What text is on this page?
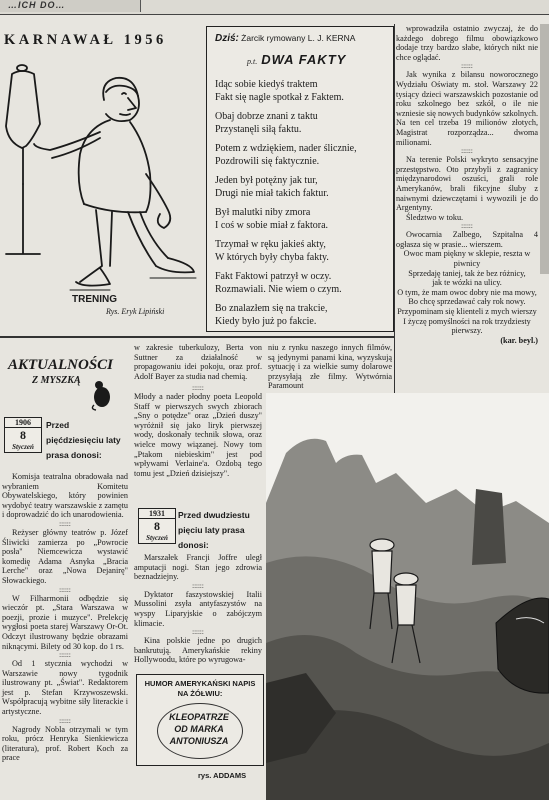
…ICH DO…
KARNAWAŁ 1956
TRENING
Rys. Eryk Lipiński
Dziś: Żarcik rymowany L. J. KERNA
p.t. DWA FAKTY

Idąc sobie kiedyś traktem
Fakt się nagle spotkał z Faktem.

Obaj dobrze znani z taktu
Przystanęli siłą faktu.

Potem z wdziękiem, nader ślicznie,
Pozdrowili się faktycznie.

Jeden był potężny jak tur,
Drugi nie miał takich faktur.

Był malutki niby zmora
I coś w sobie miał z faktora.

Trzymał w ręku jakieś akty,
W których były chyba fakty.

Fakt Faktowi patrzył w oczy.
Rozmawiali. Nie wiem o czym.

Bo znalazłem się na trakcie,
Kiedy było już po fakcie.

wprowadziła ostatnio zwyczaj, że do każdego dobrego filmu obowiązkowo dodaje trzy bardzo słabe, których nikt nie chce oglądać.

::::::

Jak wynika z bilansu noworocznego Wydziału Oświaty m. stoł. Warszawy 22 tysiący dzieci warszawskich pozostanie od roku szkolnego bez szkół, o ile nie wzniesie się nowych budynków szkolnych. Na ten cel trzeba 19 milionów złotych, Magistrat rozporządza... dwoma milionami.

::::::

Na terenie Polski wykryto sensacyjne przestępstwo. Oto przybyli z zagranicy międzynarodowi oszuści, grali role Amerykanów, brali fikcyjne śluby z naiwnymi dziewczętami i wywozili je do Argentyny.

Śledztwo w toku.

::::::

Owocarnia Zalbego, Szpitalna 4 ogłasza się w prasie... wierszem.

Owoc mam piękny w sklepie, reszta w piwnicy

Sprzedaję taniej, tak że bez różnicy,

jak te wózki na ulicy.

O tym, że mam owoc dobry nie ma mowy,

Bo chcę sprzedawać cały rok nowy.

Przypominam się klienteli z mych wierszy

I życzę pomyślności na rok trzydziesty pierwszy.

(kar. beyl.)

AKTUALNOŚCI
Z MYSZKĄ
1906
8
Styczeń
Przed pięćdziesięciu laty prasa donosi:

Komisja teatralna obradowała nad wybraniem Komitetu Obywatelskiego, który powinien wydobyć teatry warszawskie z zamętu i doprowadzić do ich unarodowienia.

::::::

Reżyser główny teatrów p. Józef Śliwicki zamierza po „Powrocie posła" Niemcewicza wystawić komedię Adama Asnyka „Bracia Lerche" oraz „Nowa Dejanirę" Słowackiego.

::::::

W Filharmonii odbędzie się wieczór pt. „Stara Warszawa w poezji, prozie i muzyce". Prelekcję wygłosi poeta starej Warszawy Or-Ot. Odczyt ilustrowany będzie obrazami niknącymi. Bilety od 30 kop. do 1 rs.

::::::

Od 1 stycznia wychodzi w Warszawie nowy tygodnik ilustrowany pt. „Świat". Redaktorem jest p. Stefan Krzywoszewski. Współpracują wybitne siły literackie i artystyczne.

::::::

Nagrody Nobla otrzymali w tym roku, prócz Henryka Sienkiewicza (literatura), prof. Robert Koch za prace

w zakresie tuberkulozy, Berta von Suttner za działalność w propagowaniu idei pokoju, oraz prof. Adolf Bayer za studia nad chemią.
::::::
Młody a nader płodny poeta Leopold Staff w pierwszych swych zbiorach „Sny o potędze" oraz „Dzień duszy" wyróżnił się jako liryk pierwszej wody, doskonały technik słowa, oraz wielce mowy wiązanej. Nowy tom „Ptakom niebieskim" jest pod wpływami Verlaine'a. Ozdobą tego tomu jest „Dzień dzisiejszy".
niu z rynku naszego innych filmów, są jedynymi panami kina, wyzyskują sytuację i za wielkie sumy dolarowe przysyłają złe filmy. Wytwórnia Paramount
1931
8
Styczeń
Przed dwudziestu pięciu laty prasa donosi:

Marszałek Francji Joffre uległ amputacji nogi. Stan jego zdrowia beznadziejny.

::::::

Dyktator faszystowskiej Italii Mussolini zsyła antyfaszystów na wyspy Liparyjskie o zabójczym klimacie.

::::::

Kina polskie jedne po drugich bankrutują. Amerykańskie rekiny Hollywoodu, które po wyrugowa-

HUMOR AMERYKAŃSKI NAPIS NA ŻÓŁWIU:
KLEOPATRZE
OD MARKA
ANTONIUSZA
rys. ADDAMS
